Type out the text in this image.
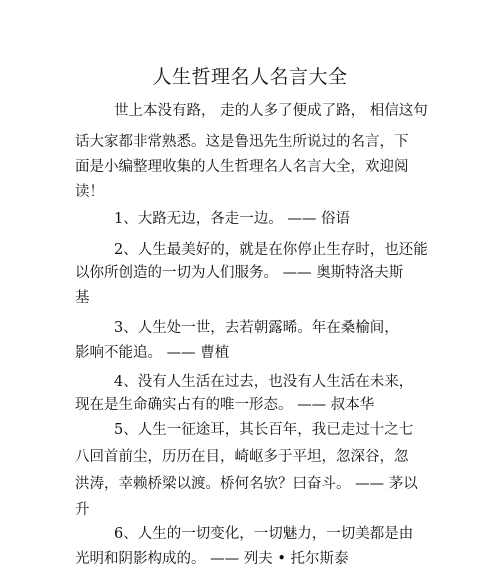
人生哲理名人名言大全
世上本没有路， 走的人多了便成了路， 相信这句
话大家都非常熟悉。这是鲁迅先生所说过的名言，下
面是小编整理收集的人生哲理名人名言大全，欢迎阅
读！
1、大路无边，各走一边。 —— 俗语
2、人生最美好的，就是在你停止生存时，也还能
以你所创造的一切为人们服务。 —— 奥斯特洛夫斯
基
3、人生处一世，去若朝露晞。年在桑榆间，
影响不能追。 —— 曹植
4、没有人生活在过去，也没有人生活在未来，
现在是生命确实占有的唯一形态。 —— 叔本华
5、人生一征途耳，其长百年，我已走过十之七
八回首前尘，历历在目，崎岖多于平坦，忽深谷，忽
洪涛，幸赖桥梁以渡。桥何名欤？曰奋斗。 —— 茅以
升
6、人生的一切变化，一切魅力，一切美都是由
光明和阴影构成的。 —— 列夫 • 托尔斯泰
